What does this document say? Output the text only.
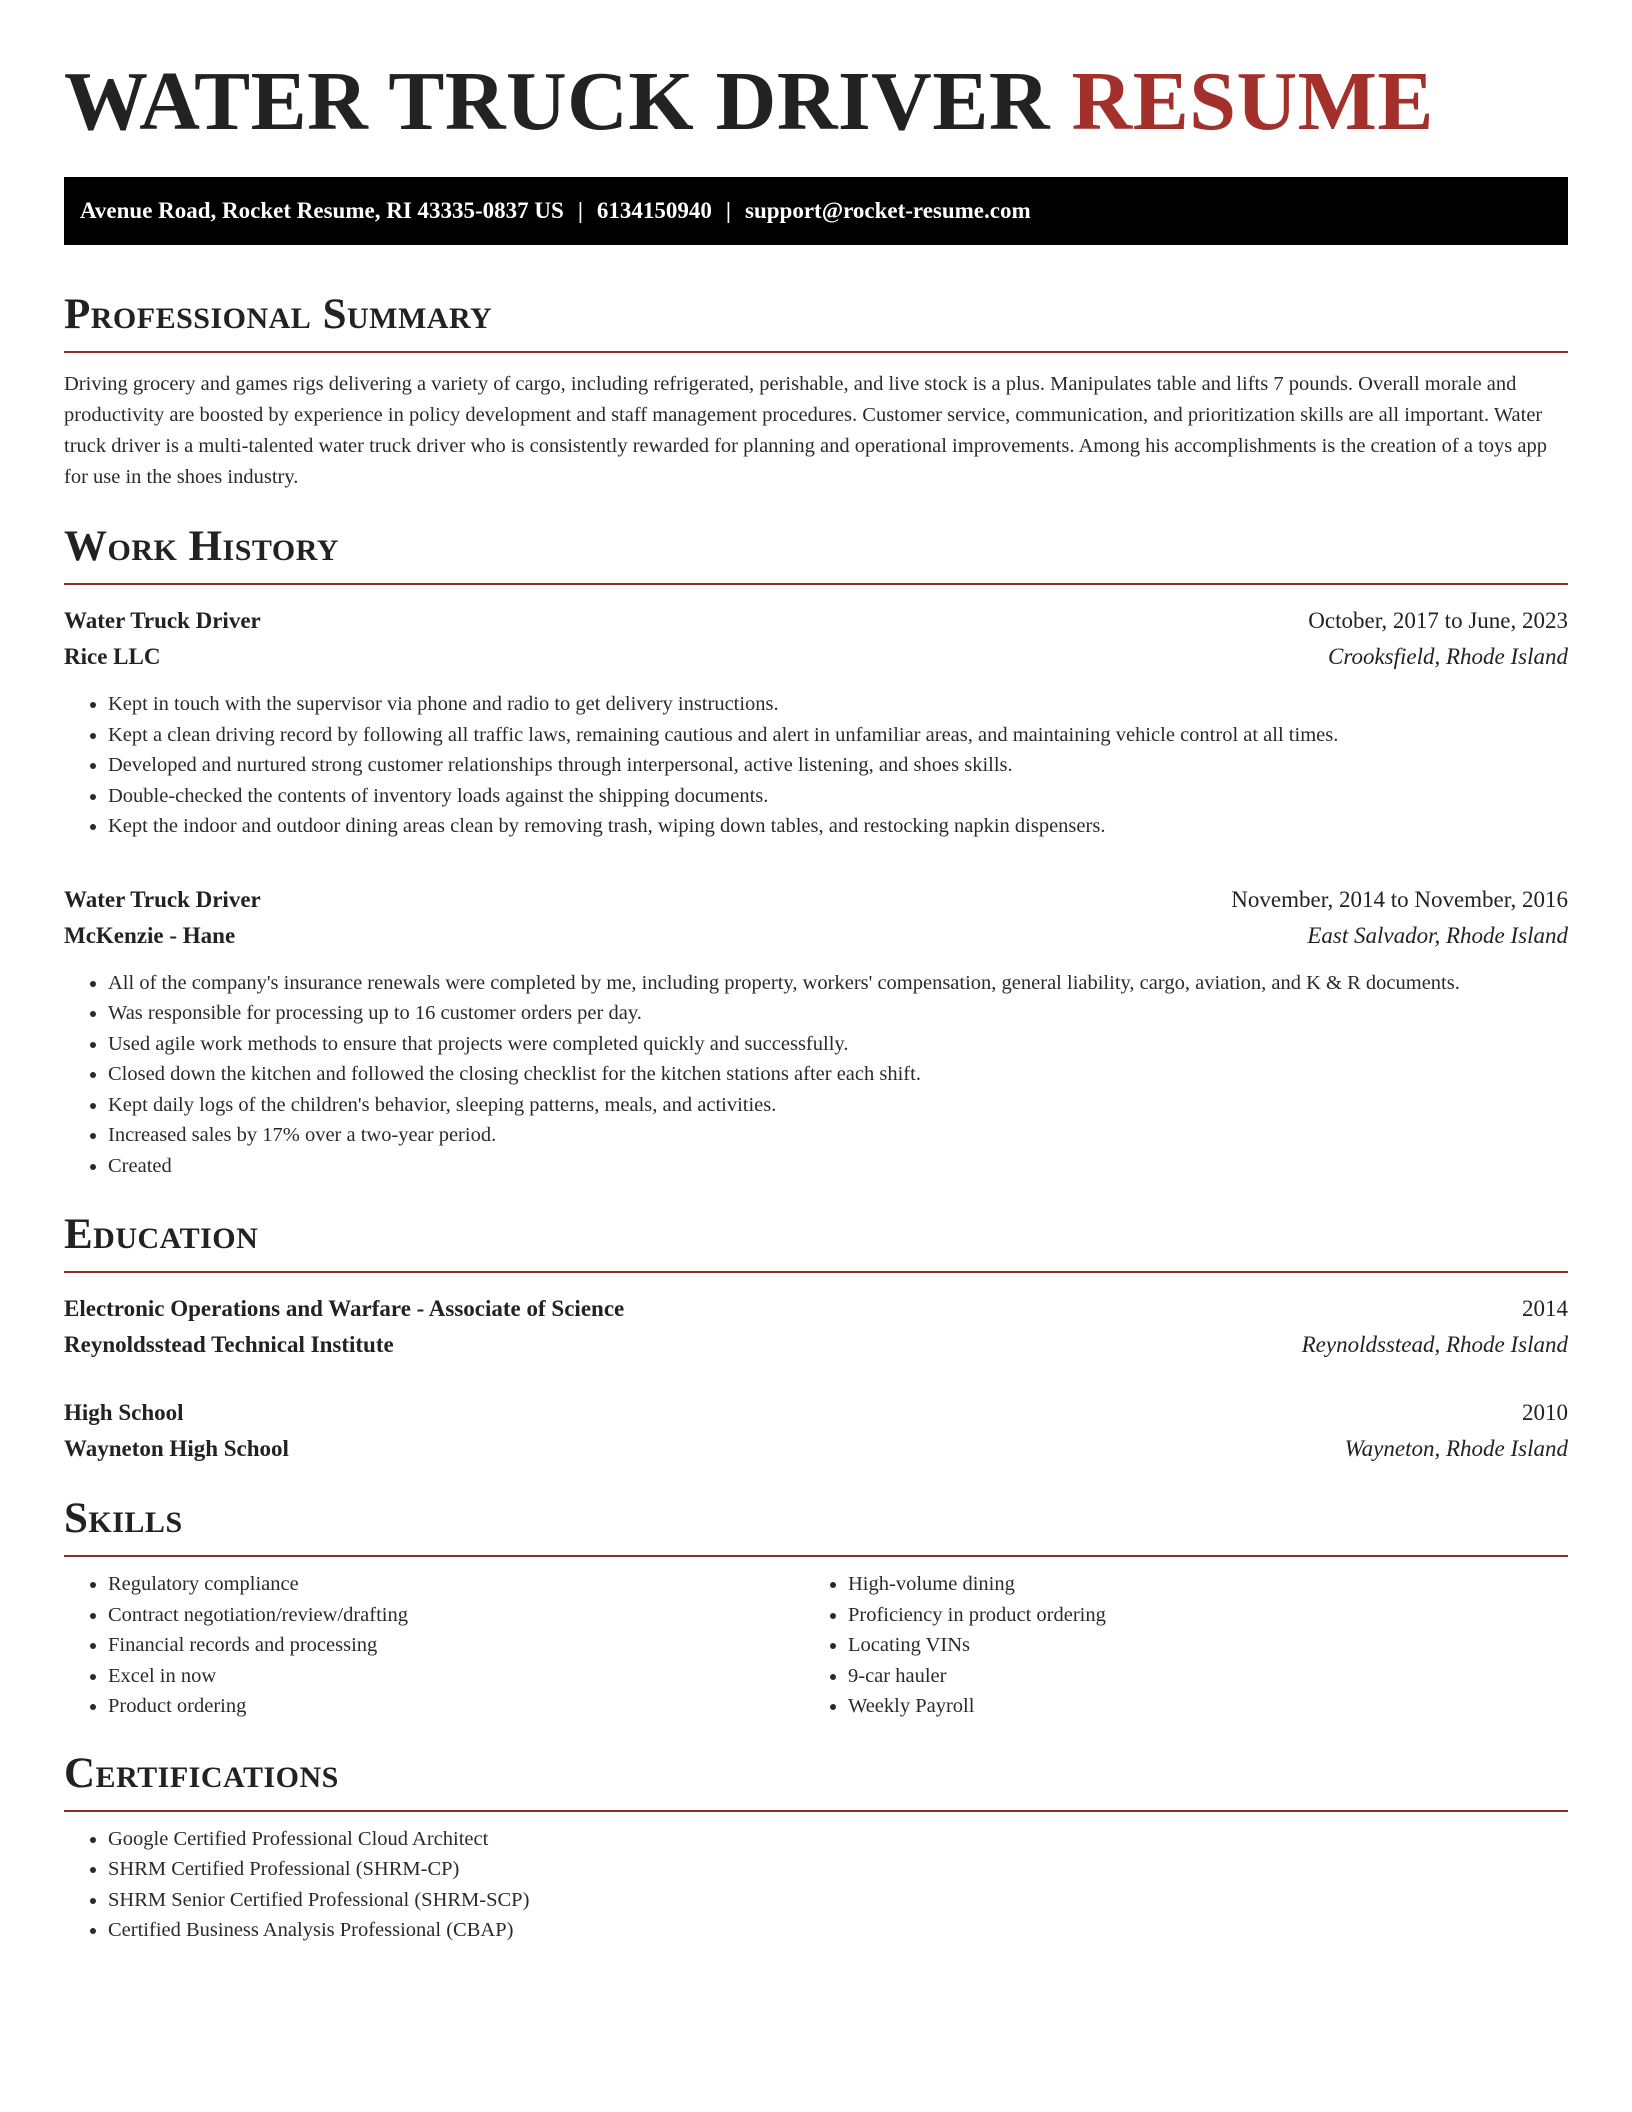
WATER TRUCK DRIVER RESUME
Avenue Road, Rocket Resume, RI 43335-0837 US | 6134150940 | support@rocket-resume.com
Professional Summary

Driving grocery and games rigs delivering a variety of cargo, including refrigerated, perishable, and live stock is a plus. Manipulates table and lifts 7 pounds. Overall morale and productivity are boosted by experience in policy development and staff management procedures. Customer service, communication, and prioritization skills are all important. Water truck driver is a multi-talented water truck driver who is consistently rewarded for planning and operational improvements. Among his accomplishments is the creation of a toys app for use in the shoes industry.

Work History
Water Truck Driver	October, 2017 to June, 2023
Rice LLC	Crooksfield, Rhode Island
• Kept in touch with the supervisor via phone and radio to get delivery instructions.
• Kept a clean driving record by following all traffic laws, remaining cautious and alert in unfamiliar areas, and maintaining vehicle control at all times.
• Developed and nurtured strong customer relationships through interpersonal, active listening, and shoes skills.
• Double-checked the contents of inventory loads against the shipping documents.
• Kept the indoor and outdoor dining areas clean by removing trash, wiping down tables, and restocking napkin dispensers.
Water Truck Driver	November, 2014 to November, 2016
McKenzie - Hane	East Salvador, Rhode Island
• All of the company's insurance renewals were completed by me, including property, workers' compensation, general liability, cargo, aviation, and K & R documents.
• Was responsible for processing up to 16 customer orders per day.
• Used agile work methods to ensure that projects were completed quickly and successfully.
• Closed down the kitchen and followed the closing checklist for the kitchen stations after each shift.
• Kept daily logs of the children's behavior, sleeping patterns, meals, and activities.
• Increased sales by 17% over a two-year period.
• Created
Education
Electronic Operations and Warfare - Associate of Science	2014
Reynoldsstead Technical Institute	Reynoldsstead, Rhode Island
High School	2010
Wayneton High School	Wayneton, Rhode Island
Skills
• Regulatory compliance
• Contract negotiation/review/drafting
• Financial records and processing
• Excel in now
• Product ordering
• High-volume dining
• Proficiency in product ordering
• Locating VINs
• 9-car hauler
• Weekly Payroll
Certifications
• Google Certified Professional Cloud Architect
• SHRM Certified Professional (SHRM-CP)
• SHRM Senior Certified Professional (SHRM-SCP)
• Certified Business Analysis Professional (CBAP)
